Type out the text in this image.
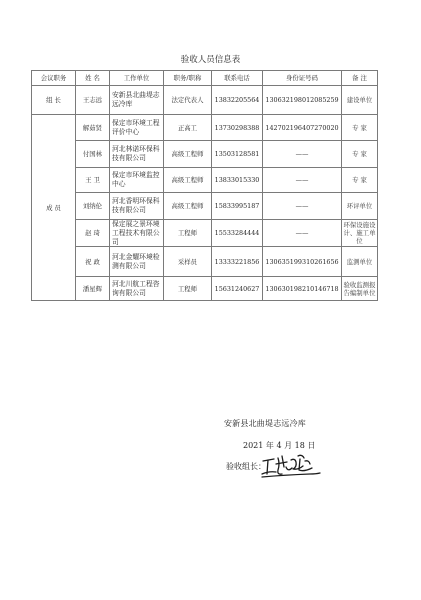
验收人员信息表
会议职务	姓 名	工作单位	职务/职称	联系电话	身份证号码	备 注
组 长	王志远	安新县北曲堤志远冷库	法定代表人	13832205564	130632198012085259	建设单位
成 员	解茹贤	保定市环境工程评价中心	正高工	13730298388	142702196407270020	专 家
	付国林	河北林诺环保科技有限公司	高级工程师	13503128581	——	专 家
	王 卫	保定市环境监控中心	高级工程师	13833015330	——	专 家
	刘纳伦	河北香明环保科技有限公司	高级工程师	15833995187	——	环评单位
	赵 琦	保定展之景环境工程技术有限公司	工程师	15533284444	——	环保设施设计、施工单位
	祝 政	河北金耀环境检测有限公司	采样员	13333221856	130635199310261656	监测单位
	潘星辉	河北川航工程咨询有限公司	工程师	15631240627	130630198210146718	验收监测报告编制单位
安新县北曲堤志远冷库
2021 年 4 月 18 日
验收组长：
